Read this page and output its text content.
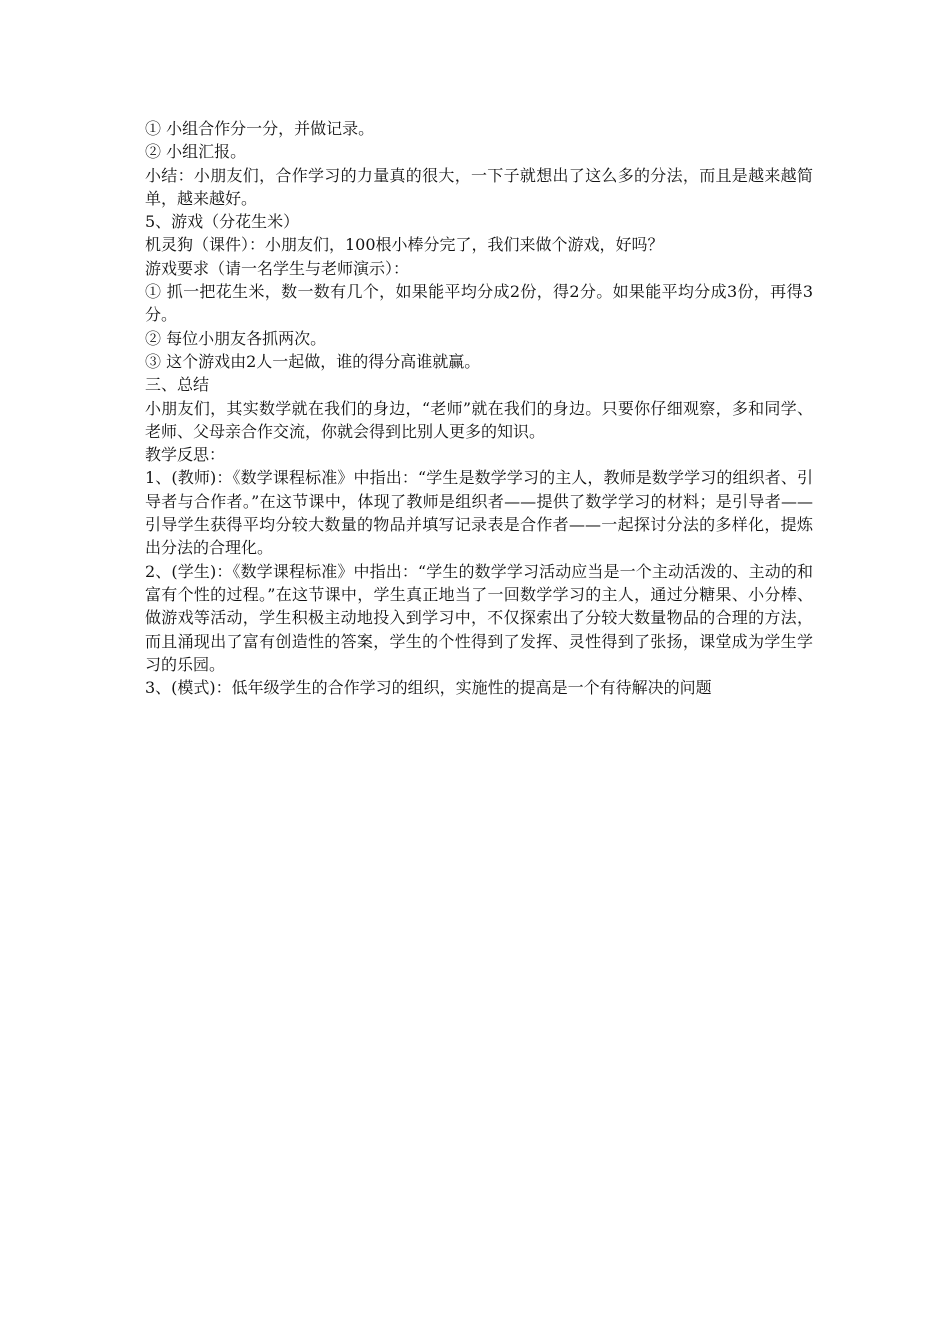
① 小组合作分一分，并做记录。

② 小组汇报。

小结：小朋友们，合作学习的力量真的很大，一下子就想出了这么多的分法，而且是越来越简单，越来越好。

5、游戏（分花生米）

机灵狗（课件）：小朋友们，100根小棒分完了，我们来做个游戏，好吗？

游戏要求（请一名学生与老师演示）：

① 抓一把花生米，数一数有几个，如果能平均分成2份，得2分。如果能平均分成3份，再得3分。

② 每位小朋友各抓两次。

③ 这个游戏由2人一起做，谁的得分高谁就赢。

三、总结

小朋友们，其实数学就在我们的身边，“老师”就在我们的身边。只要你仔细观察，多和同学、老师、父母亲合作交流，你就会得到比别人更多的知识。

教学反思：

1、(教师)：《数学课程标准》中指出：“学生是数学学习的主人，教师是数学学习的组织者、引导者与合作者。”在这节课中，体现了教师是组织者——提供了数学学习的材料；是引导者——引导学生获得平均分较大数量的物品并填写记录表是合作者——一起探讨分法的多样化，提炼出分法的合理化。

2、(学生)：《数学课程标准》中指出：“学生的数学学习活动应当是一个主动活泼的、主动的和富有个性的过程。”在这节课中，学生真正地当了一回数学学习的主人，通过分糖果、小分棒、做游戏等活动，学生积极主动地投入到学习中，不仅探索出了分较大数量物品的合理的方法，而且涌现出了富有创造性的答案，学生的个性得到了发挥、灵性得到了张扬，课堂成为学生学习的乐园。

3、(模式)：低年级学生的合作学习的组织，实施性的提高是一个有待解决的问题
